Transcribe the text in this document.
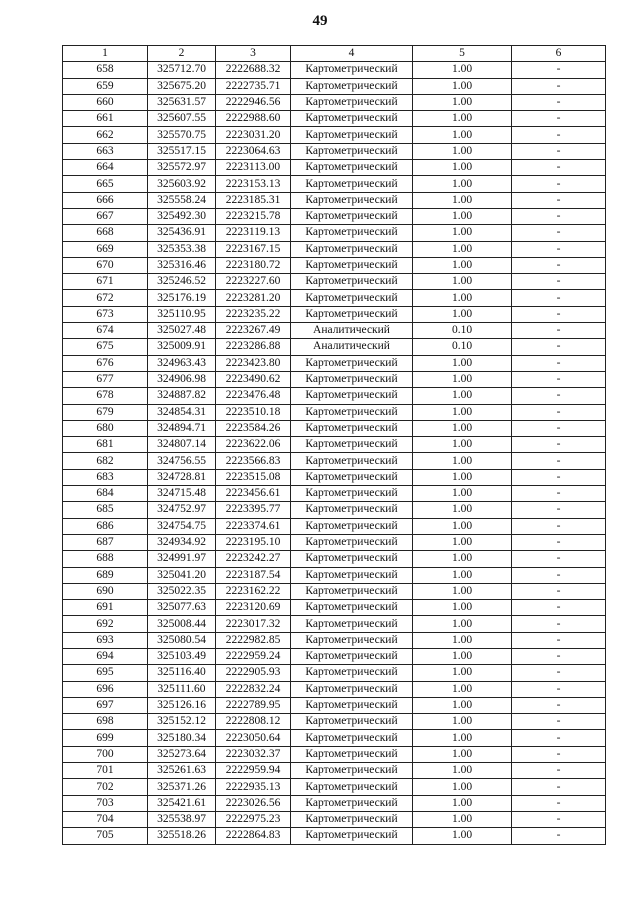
49
1	2	3	4	5	6
658	325712.70	2222688.32	Картометрический	1.00	-
659	325675.20	2222735.71	Картометрический	1.00	-
660	325631.57	2222946.56	Картометрический	1.00	-
661	325607.55	2222988.60	Картометрический	1.00	-
662	325570.75	2223031.20	Картометрический	1.00	-
663	325517.15	2223064.63	Картометрический	1.00	-
664	325572.97	2223113.00	Картометрический	1.00	-
665	325603.92	2223153.13	Картометрический	1.00	-
666	325558.24	2223185.31	Картометрический	1.00	-
667	325492.30	2223215.78	Картометрический	1.00	-
668	325436.91	2223119.13	Картометрический	1.00	-
669	325353.38	2223167.15	Картометрический	1.00	-
670	325316.46	2223180.72	Картометрический	1.00	-
671	325246.52	2223227.60	Картометрический	1.00	-
672	325176.19	2223281.20	Картометрический	1.00	-
673	325110.95	2223235.22	Картометрический	1.00	-
674	325027.48	2223267.49	Аналитический	0.10	-
675	325009.91	2223286.88	Аналитический	0.10	-
676	324963.43	2223423.80	Картометрический	1.00	-
677	324906.98	2223490.62	Картометрический	1.00	-
678	324887.82	2223476.48	Картометрический	1.00	-
679	324854.31	2223510.18	Картометрический	1.00	-
680	324894.71	2223584.26	Картометрический	1.00	-
681	324807.14	2223622.06	Картометрический	1.00	-
682	324756.55	2223566.83	Картометрический	1.00	-
683	324728.81	2223515.08	Картометрический	1.00	-
684	324715.48	2223456.61	Картометрический	1.00	-
685	324752.97	2223395.77	Картометрический	1.00	-
686	324754.75	2223374.61	Картометрический	1.00	-
687	324934.92	2223195.10	Картометрический	1.00	-
688	324991.97	2223242.27	Картометрический	1.00	-
689	325041.20	2223187.54	Картометрический	1.00	-
690	325022.35	2223162.22	Картометрический	1.00	-
691	325077.63	2223120.69	Картометрический	1.00	-
692	325008.44	2223017.32	Картометрический	1.00	-
693	325080.54	2222982.85	Картометрический	1.00	-
694	325103.49	2222959.24	Картометрический	1.00	-
695	325116.40	2222905.93	Картометрический	1.00	-
696	325111.60	2222832.24	Картометрический	1.00	-
697	325126.16	2222789.95	Картометрический	1.00	-
698	325152.12	2222808.12	Картометрический	1.00	-
699	325180.34	2223050.64	Картометрический	1.00	-
700	325273.64	2223032.37	Картометрический	1.00	-
701	325261.63	2222959.94	Картометрический	1.00	-
702	325371.26	2222935.13	Картометрический	1.00	-
703	325421.61	2223026.56	Картометрический	1.00	-
704	325538.97	2222975.23	Картометрический	1.00	-
705	325518.26	2222864.83	Картометрический	1.00	-
